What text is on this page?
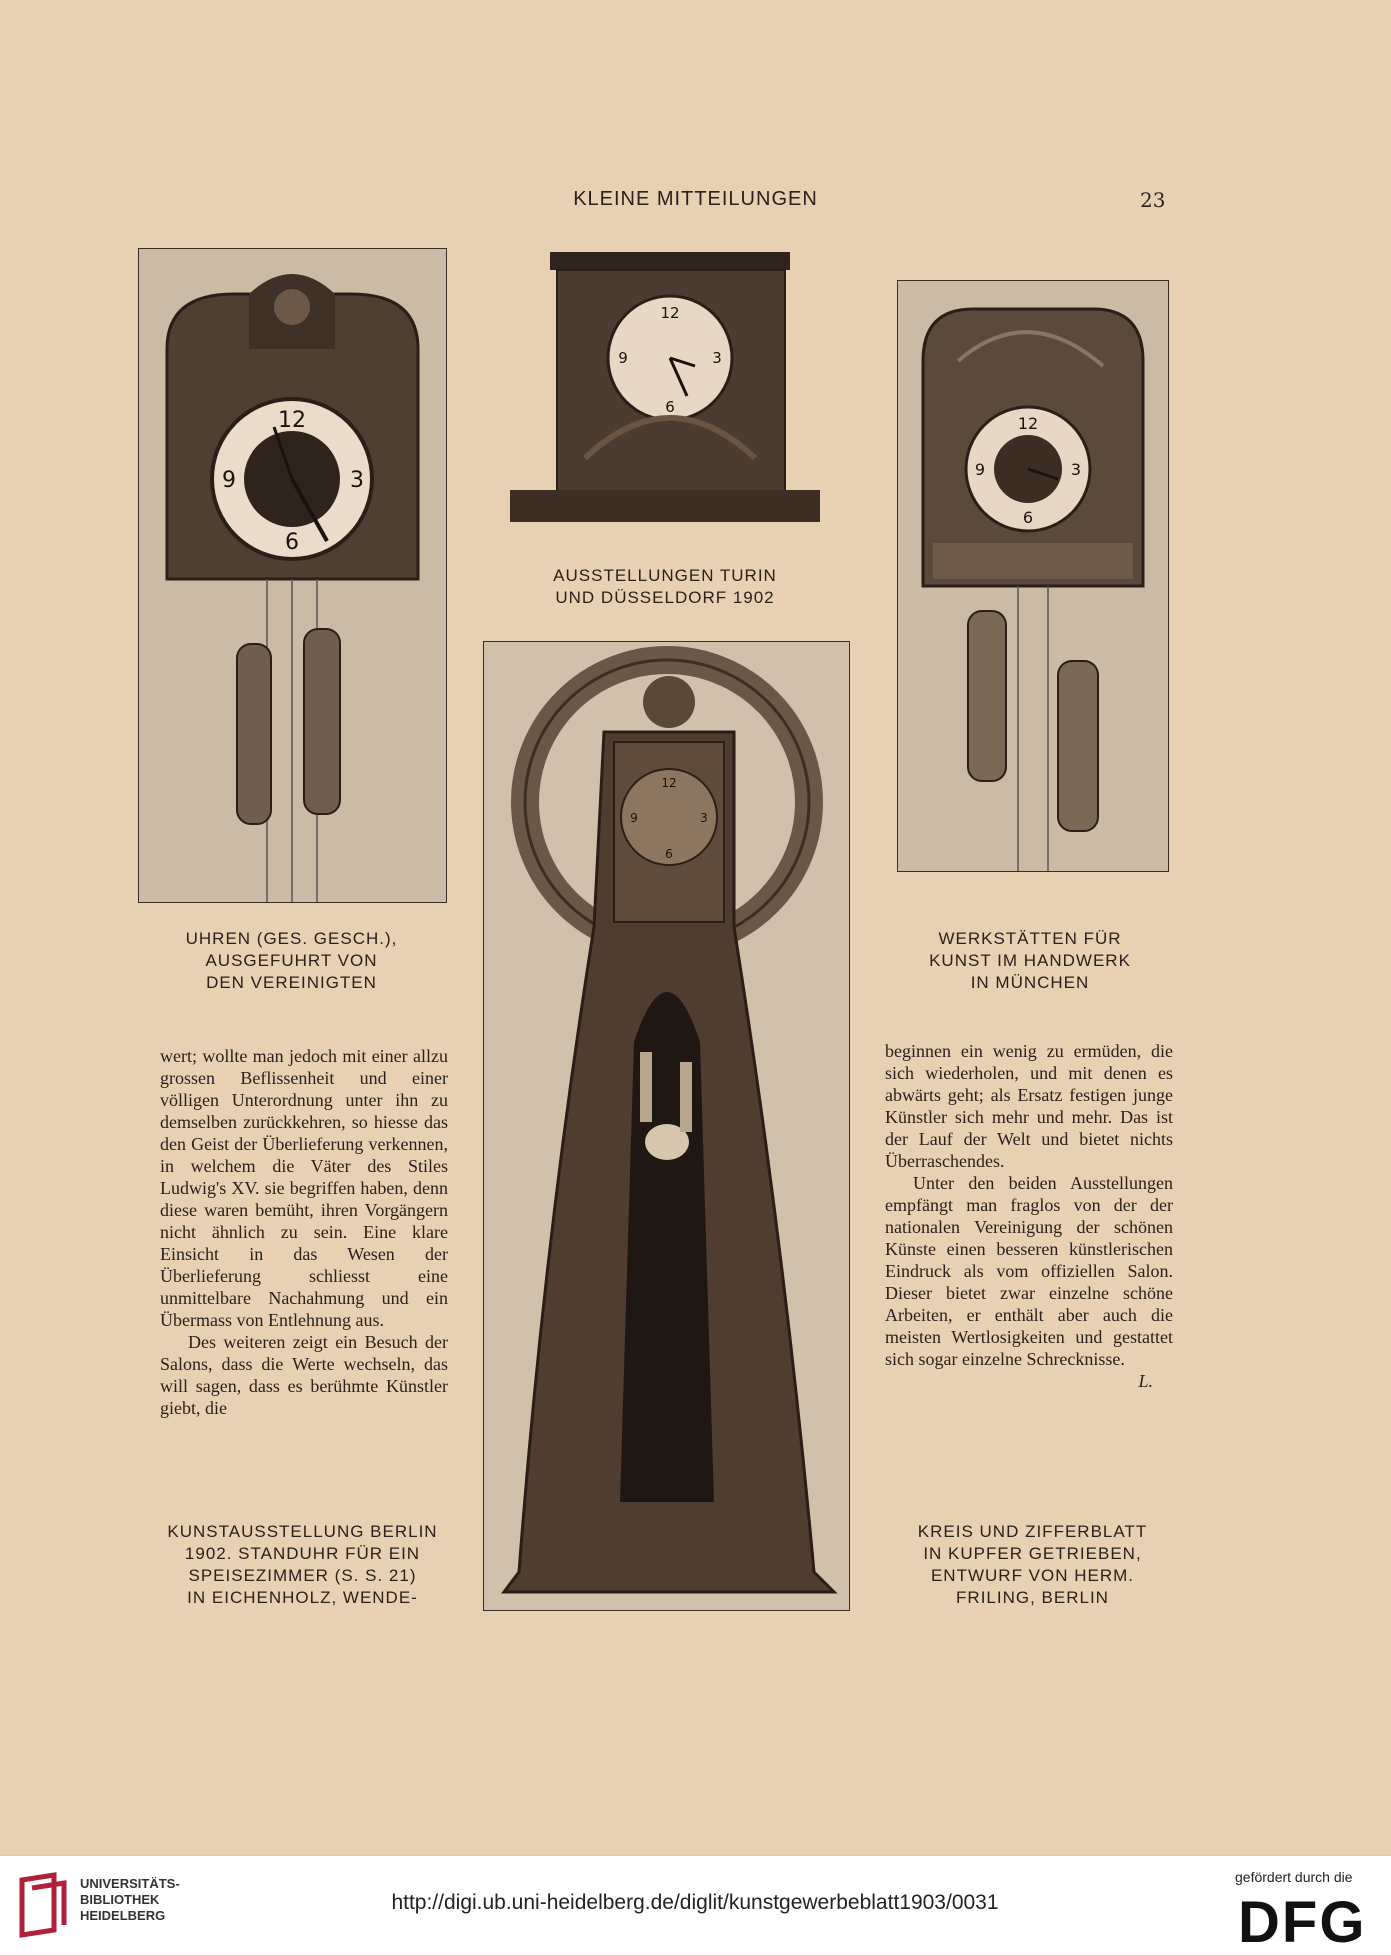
KLEINE MITTEILUNGEN	23
12
3
6
9
12
3
6
9
AUSSTELLUNGEN TURIN
UND DÜSSELDORF 1902
12
3
6
9
12
3
6
9
UHREN (GES. GESCH.),
AUSGEFUHRT VON
DEN VEREINIGTEN
WERKSTÄTTEN FÜR
KUNST IM HANDWERK
IN MÜNCHEN

wert; wollte man jedoch mit einer allzu grossen Beflissenheit und einer völligen Unterordnung unter ihn zu demselben zurückkehren, so hiesse das den Geist der Überlieferung verkennen, in welchem die Väter des Stiles Ludwig's XV. sie begriffen haben, denn diese waren bemüht, ihren Vorgängern nicht ähnlich zu sein. Eine klare Einsicht in das Wesen der Überlieferung schliesst eine unmittelbare Nachahmung und ein Übermass von Entlehnung aus.

Des weiteren zeigt ein Besuch der Salons, dass die Werte wechseln, das will sagen, dass es berühmte Künstler giebt, die

beginnen ein wenig zu ermüden, die sich wiederholen, und mit denen es abwärts geht; als Ersatz festigen junge Künstler sich mehr und mehr. Das ist der Lauf der Welt und bietet nichts Überraschendes.

Unter den beiden Ausstellungen empfängt man fraglos von der der nationalen Vereinigung der schönen Künste einen besseren künstlerischen Eindruck als vom offiziellen Salon. Dieser bietet zwar einzelne schöne Arbeiten, er enthält aber auch die meisten Wertlosigkeiten und gestattet sich sogar einzelne Schrecknisse.

L.

KUNSTAUSSTELLUNG BERLIN
1902. STANDUHR FÜR EIN
SPEISEZIMMER (S. S. 21)
IN EICHENHOLZ, WENDE-
KREIS UND ZIFFERBLATT
IN KUPFER GETRIEBEN,
ENTWURF VON HERM.
FRILING, BERLIN
UNIVERSITÄTS-
BIBLIOTHEK
HEIDELBERG
http://digi.ub.uni-heidelberg.de/diglit/kunstgewerbeblatt1903/0031
gefördert durch die
DFG
